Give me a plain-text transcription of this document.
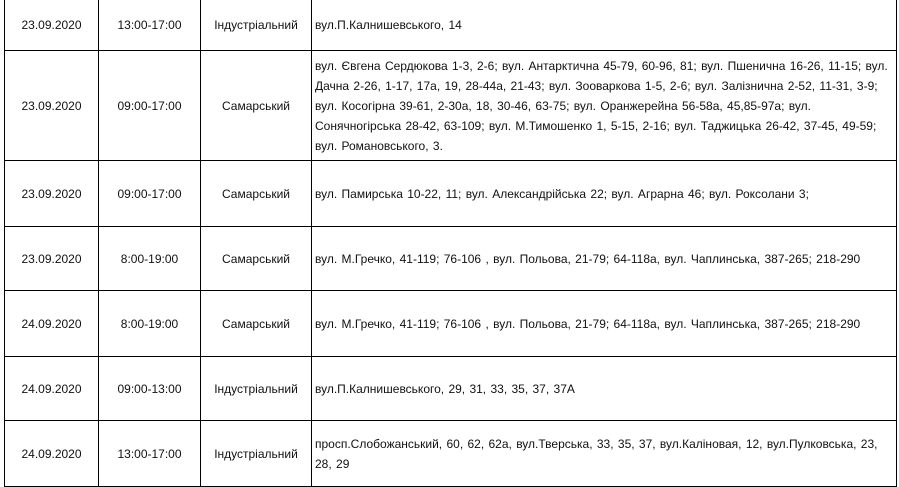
23.09.2020	13:00-17:00	Індустріальний	вул.П.Калнишевського, 14
23.09.2020	09:00-17:00	Самарський	вул. Євгена Сердюкова 1-3, 2-6; вул. Антарктична 45-79, 60-96, 81; вул. Пшенична 16-26, 11-15; вул. Дачна 2-26, 1-17, 17а, 19, 28-44а, 21-43; вул. Зооваркова 1-5, 2-6; вул. Залізнична 2-52, 11-31, 3-9; вул. Косогірна 39-61, 2-30а, 18, 30-46, 63-75; вул. Оранжерейна 56-58а, 45,85-97а; вул. Сонячногірська 28-42, 63-109; вул. М.Тимошенко 1, 5-15, 2-16; вул. Таджицька 26-42, 37-45, 49-59; вул. Романовського, 3.
23.09.2020	09:00-17:00	Самарський	вул. Памирська 10-22, 11; вул. Александрійська 22; вул. Аграрна 46; вул. Роксолани 3;
23.09.2020	8:00-19:00	Самарський	вул. М.Гречко, 41-119; 76-106 , вул. Польова, 21-79; 64-118а, вул. Чаплинська, 387-265; 218-290
24.09.2020	8:00-19:00	Самарський	вул. М.Гречко, 41-119; 76-106 , вул. Польова, 21-79; 64-118а, вул. Чаплинська, 387-265; 218-290
24.09.2020	09:00-13:00	Індустріальний	вул.П.Калнишевського, 29, 31, 33, 35, 37, 37А
24.09.2020	13:00-17:00	Індустріальний	просп.Слобожанський, 60, 62, 62а, вул.Тверська, 33, 35, 37, вул.Каліновая, 12, вул.Пулковська, 23, 28, 29
